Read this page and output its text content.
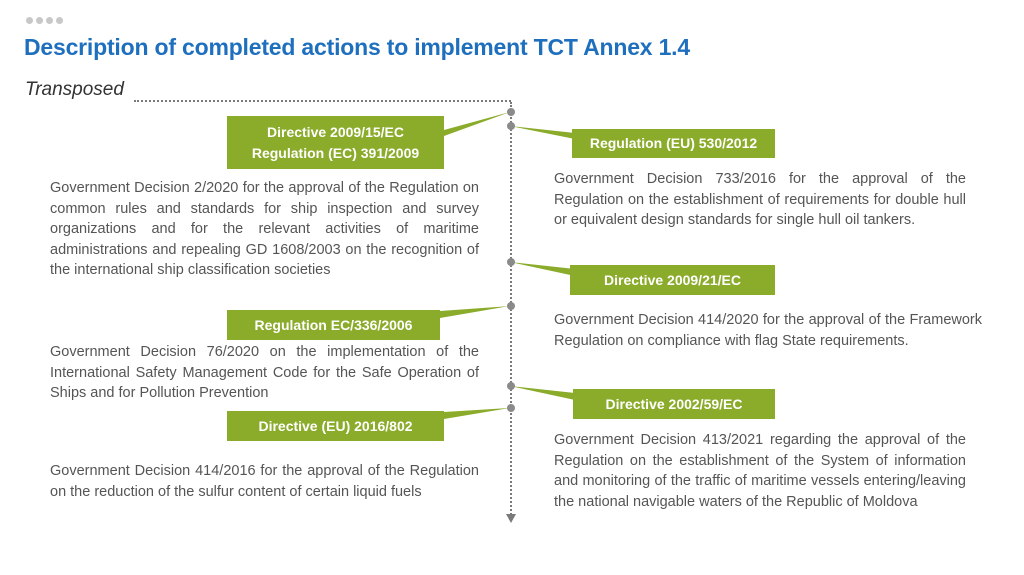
Description of completed actions to implement TCT Annex 1.4
Transposed
Directive 2009/15/EC
Regulation (EC) 391/2009
Government Decision 2/2020 for the approval of the Regulation on common rules and standards for ship inspection and survey organizations and for the relevant activities of maritime administrations and repealing GD 1608/2003 on the recognition of the international ship classification societies
Regulation EC/336/2006
Government Decision 76/2020 on the implementation of the International Safety Management Code for the Safe Operation of Ships and for Pollution Prevention
Directive (EU) 2016/802
Government Decision 414/2016 for the approval of the Regulation on the reduction of the sulfur content of certain liquid fuels
Regulation (EU) 530/2012
Government Decision 733/2016 for the approval of the Regulation on the establishment of requirements for double hull or equivalent design standards for single hull oil tankers.
Directive 2009/21/EC
Government Decision 414/2020 for the approval of the Framework Regulation on compliance with flag State requirements.
Directive 2002/59/EC
Government Decision 413/2021 regarding the approval of the Regulation on the establishment of the System of information and monitoring of the traffic of maritime vessels entering/leaving the national navigable waters of the Republic of Moldova
